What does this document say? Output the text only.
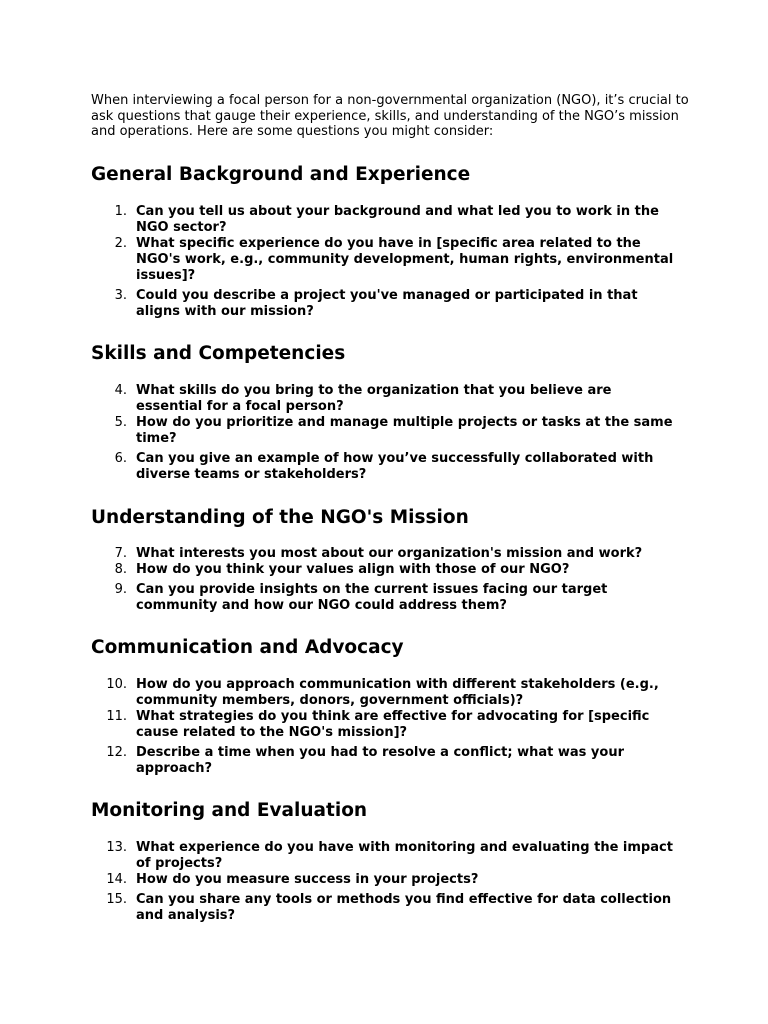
When interviewing a focal person for a non-governmental organization (NGO), it’s crucial to ask questions that gauge their experience, skills, and understanding of the NGO’s mission and operations. Here are some questions you might consider:

General Background and Experience
1. Can you tell us about your background and what led you to work in the NGO sector?
2. What specific experience do you have in [specific area related to the NGO's work, e.g., community development, human rights, environmental issues]?
3. Could you describe a project you've managed or participated in that aligns with our mission?
Skills and Competencies
4. What skills do you bring to the organization that you believe are essential for a focal person?
5. How do you prioritize and manage multiple projects or tasks at the same time?
6. Can you give an example of how you’ve successfully collaborated with diverse teams or stakeholders?
Understanding of the NGO's Mission
7. What interests you most about our organization's mission and work?
8. How do you think your values align with those of our NGO?
9. Can you provide insights on the current issues facing our target community and how our NGO could address them?
Communication and Advocacy
10. How do you approach communication with different stakeholders (e.g., community members, donors, government officials)?
11. What strategies do you think are effective for advocating for [specific cause related to the NGO's mission]?
12. Describe a time when you had to resolve a conflict; what was your approach?
Monitoring and Evaluation
13. What experience do you have with monitoring and evaluating the impact of projects?
14. How do you measure success in your projects?
15. Can you share any tools or methods you find effective for data collection and analysis?
